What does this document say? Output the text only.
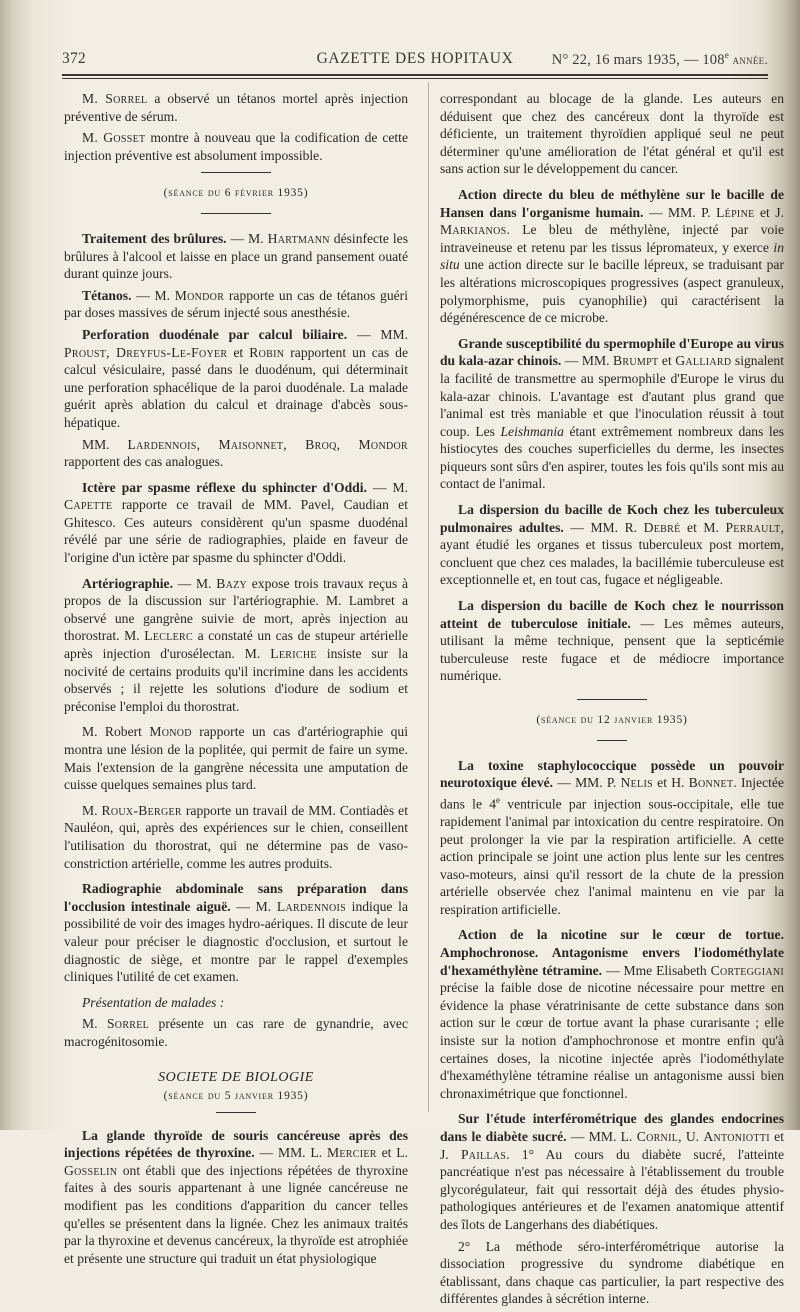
372	GAZETTE DES HOPITAUX	N° 22, 16 mars 1935, — 108e année.

M. Sorrel a observé un tétanos mortel après injection préventive de sérum.

M. Gosset montre à nouveau que la codification de cette injection préventive est absolument impossible.

(séance du 6 février 1935)

Traitement des brûlures. — M. Hartmann désinfecte les brûlures à l'alcool et laisse en place un grand pansement ouaté durant quinze jours.

Tétanos. — M. Mondor rapporte un cas de tétanos guéri par doses massives de sérum injecté sous anesthésie.

Perforation duodénale par calcul biliaire. — MM. Proust, Dreyfus-Le-Foyer et Robin rapportent un cas de calcul vésiculaire, passé dans le duodénum, qui déterminait une perforation sphacélique de la paroi duodénale. La malade guérit après ablation du calcul et drainage d'abcès sous-hépatique.

MM. Lardennois, Maisonnet, Broq, Mondor rapportent des cas analogues.

Ictère par spasme réflexe du sphincter d'Oddi. — M. Capette rapporte ce travail de MM. Pavel, Caudian et Ghitesco. Ces auteurs considèrent qu'un spasme duodénal révélé par une série de radiographies, plaide en faveur de l'origine d'un ictère par spasme du sphincter d'Oddi.

Artériographie. — M. Bazy expose trois travaux reçus à propos de la discussion sur l'artériographie. M. Lambret a observé une gangrène suivie de mort, après injection au thorostrat. M. Leclerc a constaté un cas de stupeur artérielle après injection d'urosélectan. M. Leriche insiste sur la nocivité de certains produits qu'il incrimine dans les accidents observés ; il rejette les solutions d'iodure de sodium et préconise l'emploi du thorostrat.

M. Robert Monod rapporte un cas d'artériographie qui montra une lésion de la poplitée, qui permit de faire un syme. Mais l'extension de la gangrène nécessita une amputation de cuisse quelques semaines plus tard.

M. Roux-Berger rapporte un travail de MM. Contiadès et Nauléon, qui, après des expériences sur le chien, conseillent l'utilisation du thorostrat, qui ne détermine pas de vaso-constriction artérielle, comme les autres produits.

Radiographie abdominale sans préparation dans l'occlusion intestinale aiguë. — M. Lardennois indique la possibilité de voir des images hydro-aériques. Il discute de leur valeur pour préciser le diagnostic d'occlusion, et surtout le diagnostic de siège, et montre par le rappel d'exemples cliniques l'utilité de cet examen.

Présentation de malades :

M. Sorrel présente un cas rare de gynandrie, avec macrogénitosomie.

SOCIETE DE BIOLOGIE
(séance du 5 janvier 1935)

La glande thyroïde de souris cancéreuse après des injections répétées de thyroxine. — MM. L. Mercier et L. Gosselin ont établi que des injections répétées de thyroxine faites à des souris appartenant à une lignée cancéreuse ne modifient pas les conditions d'apparition du cancer telles qu'elles se présentent dans la lignée. Chez les animaux traités par la thyroxine et devenus cancéreux, la thyroïde est atrophiée et présente une structure qui traduit un état physiologique

correspondant au blocage de la glande. Les auteurs en déduisent que chez des cancéreux dont la thyroïde est déficiente, un traitement thyroïdien appliqué seul ne peut déterminer qu'une amélioration de l'état général et qu'il est sans action sur le développement du cancer.

Action directe du bleu de méthylène sur le bacille de Hansen dans l'organisme humain. — MM. P. Lépine et J. Markianos. Le bleu de méthylène, injecté par voie intraveineuse et retenu par les tissus lépromateux, y exerce in situ une action directe sur le bacille lépreux, se traduisant par les altérations microscopiques progressives (aspect granuleux, polymorphisme, puis cyanophilie) qui caractérisent la dégénérescence de ce microbe.

Grande susceptibilité du spermophile d'Europe au virus du kala-azar chinois. — MM. Brumpt et Galliard signalent la facilité de transmettre au spermophile d'Europe le virus du kala-azar chinois. L'avantage est d'autant plus grand que l'animal est très maniable et que l'inoculation réussit à tout coup. Les Leishmania étant extrêmement nombreux dans les histiocytes des couches superficielles du derme, les insectes piqueurs sont sûrs d'en aspirer, toutes les fois qu'ils sont mis au contact de l'animal.

La dispersion du bacille de Koch chez les tuberculeux pulmonaires adultes. — MM. R. Debré et M. Perrault, ayant étudié les organes et tissus tuberculeux post mortem, concluent que chez ces malades, la bacillémie tuberculeuse est exceptionnelle et, en tout cas, fugace et négligeable.

La dispersion du bacille de Koch chez le nourrisson atteint de tuberculose initiale. — Les mêmes auteurs, utilisant la même technique, pensent que la septicémie tuberculeuse reste fugace et de médiocre importance numérique.

(séance du 12 janvier 1935)

La toxine staphylococcique possède un pouvoir neurotoxique élevé. — MM. P. Nelis et H. Bonnet. Injectée dans le 4e ventricule par injection sous-occipitale, elle tue rapidement l'animal par intoxication du centre respiratoire. On peut prolonger la vie par la respiration artificielle. A cette action principale se joint une action plus lente sur les centres vaso-moteurs, ainsi qu'il ressort de la chute de la pression artérielle observée chez l'animal maintenu en vie par la respiration artificielle.

Action de la nicotine sur le cœur de tortue. Amphochronose. Antagonisme envers l'iodométhylate d'hexaméthylène tétramine. — Mme Elisabeth Corteggiani précise la faible dose de nicotine nécessaire pour mettre en évidence la phase vératrinisante de cette substance dans son action sur le cœur de tortue avant la phase curarisante ; elle insiste sur la notion d'amphochronose et montre enfin qu'à certaines doses, la nicotine injectée après l'iodométhylate d'hexaméthylène tétramine réalise un antagonisme aussi bien chronaximétrique que fonctionnel.

Sur l'étude interférométrique des glandes endocrines dans le diabète sucré. — MM. L. Cornil, U. Antoniotti et J. Paillas. 1° Au cours du diabète sucré, l'atteinte pancréatique n'est pas nécessaire à l'établissement du trouble glycorégulateur, fait qui ressortait déjà des études physio-pathologiques antérieures et de l'examen anatomique attentif des îlots de Langerhans des diabétiques.

2° La méthode séro-interférométrique autorise la dissociation progressive du syndrome diabétique en établissant, dans chaque cas particulier, la part respective des différentes glandes à sécrétion interne.
